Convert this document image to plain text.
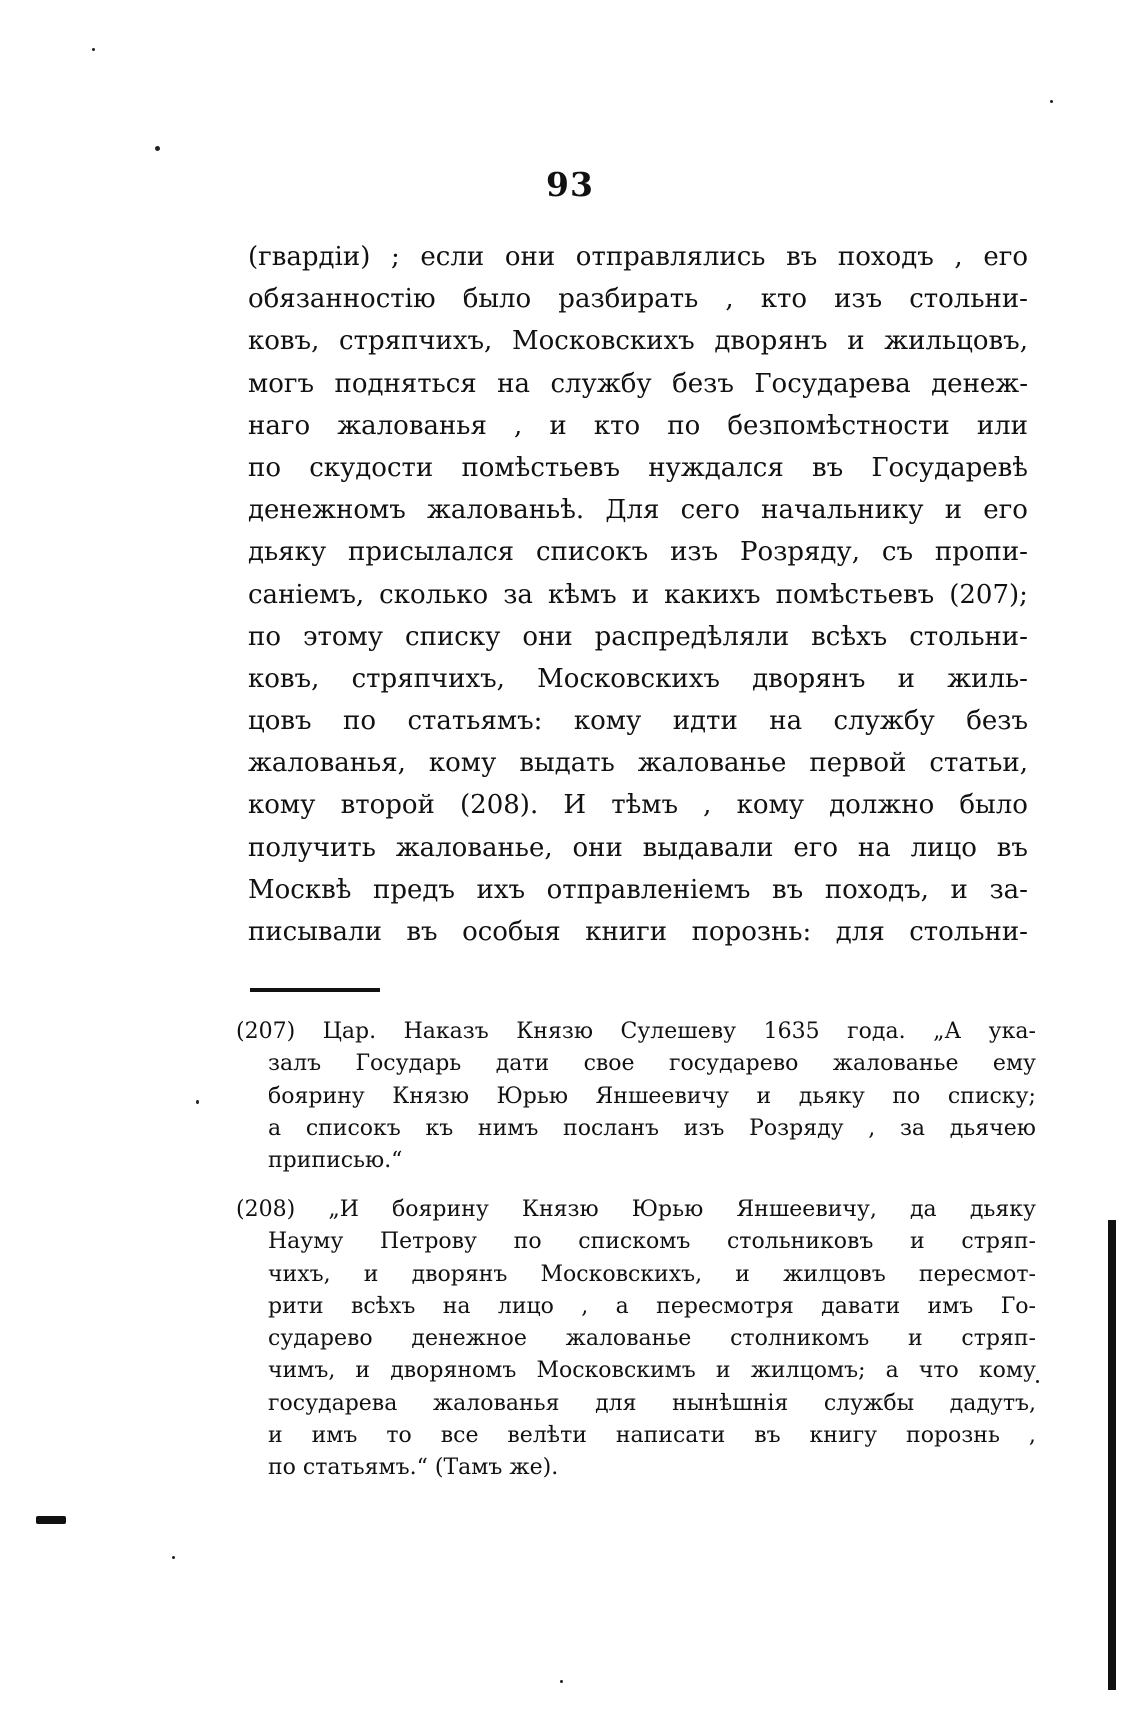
93
(гвардіи) ; если они отправлялись въ походъ , его
обязанностію было разбирать , кто изъ стольни-
ковъ, стряпчихъ, Московскихъ дворянъ и жильцовъ,
могъ подняться на службу безъ Государева денеж-
наго жалованья , и кто по безпомѣстности или
по скудости помѣстьевъ нуждался въ Государевѣ
денежномъ жалованьѣ. Для сего начальнику и его
дьяку присылался списокъ изъ Розряду, съ пропи-
саніемъ, сколько за кѣмъ и какихъ помѣстьевъ (207);
по этому списку они распредѣляли всѣхъ стольни-
ковъ, стряпчихъ, Московскихъ дворянъ и жиль-
цовъ по статьямъ: кому идти на службу безъ
жалованья, кому выдать жалованье первой статьи,
кому второй (208). И тѣмъ , кому должно было
получить жалованье, они выдавали его на лицо въ
Москвѣ предъ ихъ отправленіемъ въ походъ, и за-
писывали въ особыя книги порознь: для стольни-
(207) Цар. Наказъ Князю Сулешеву 1635 года. „А ука-
залъ Государь дати свое государево жалованье ему
боярину Князю Юрью Яншеевичу и дьяку по списку;
а списокъ къ нимъ посланъ изъ Розряду , за дьячею
приписью.“
(208) „И боярину Князю Юрью Яншеевичу, да дьяку
Науму Петрову по спискомъ стольниковъ и стряп-
чихъ, и дворянъ Московскихъ, и жилцовъ пересмот-
рити всѣхъ на лицо , а пересмотря давати имъ Го-
сударево денежное жалованье столникомъ и стряп-
чимъ, и дворяномъ Московскимъ и жилцомъ; а что кому
государева жалованья для нынѣшнія службы дадутъ,
и имъ то все велѣти написати въ книгу порознь ,
по статьямъ.“ (Тамъ же).
